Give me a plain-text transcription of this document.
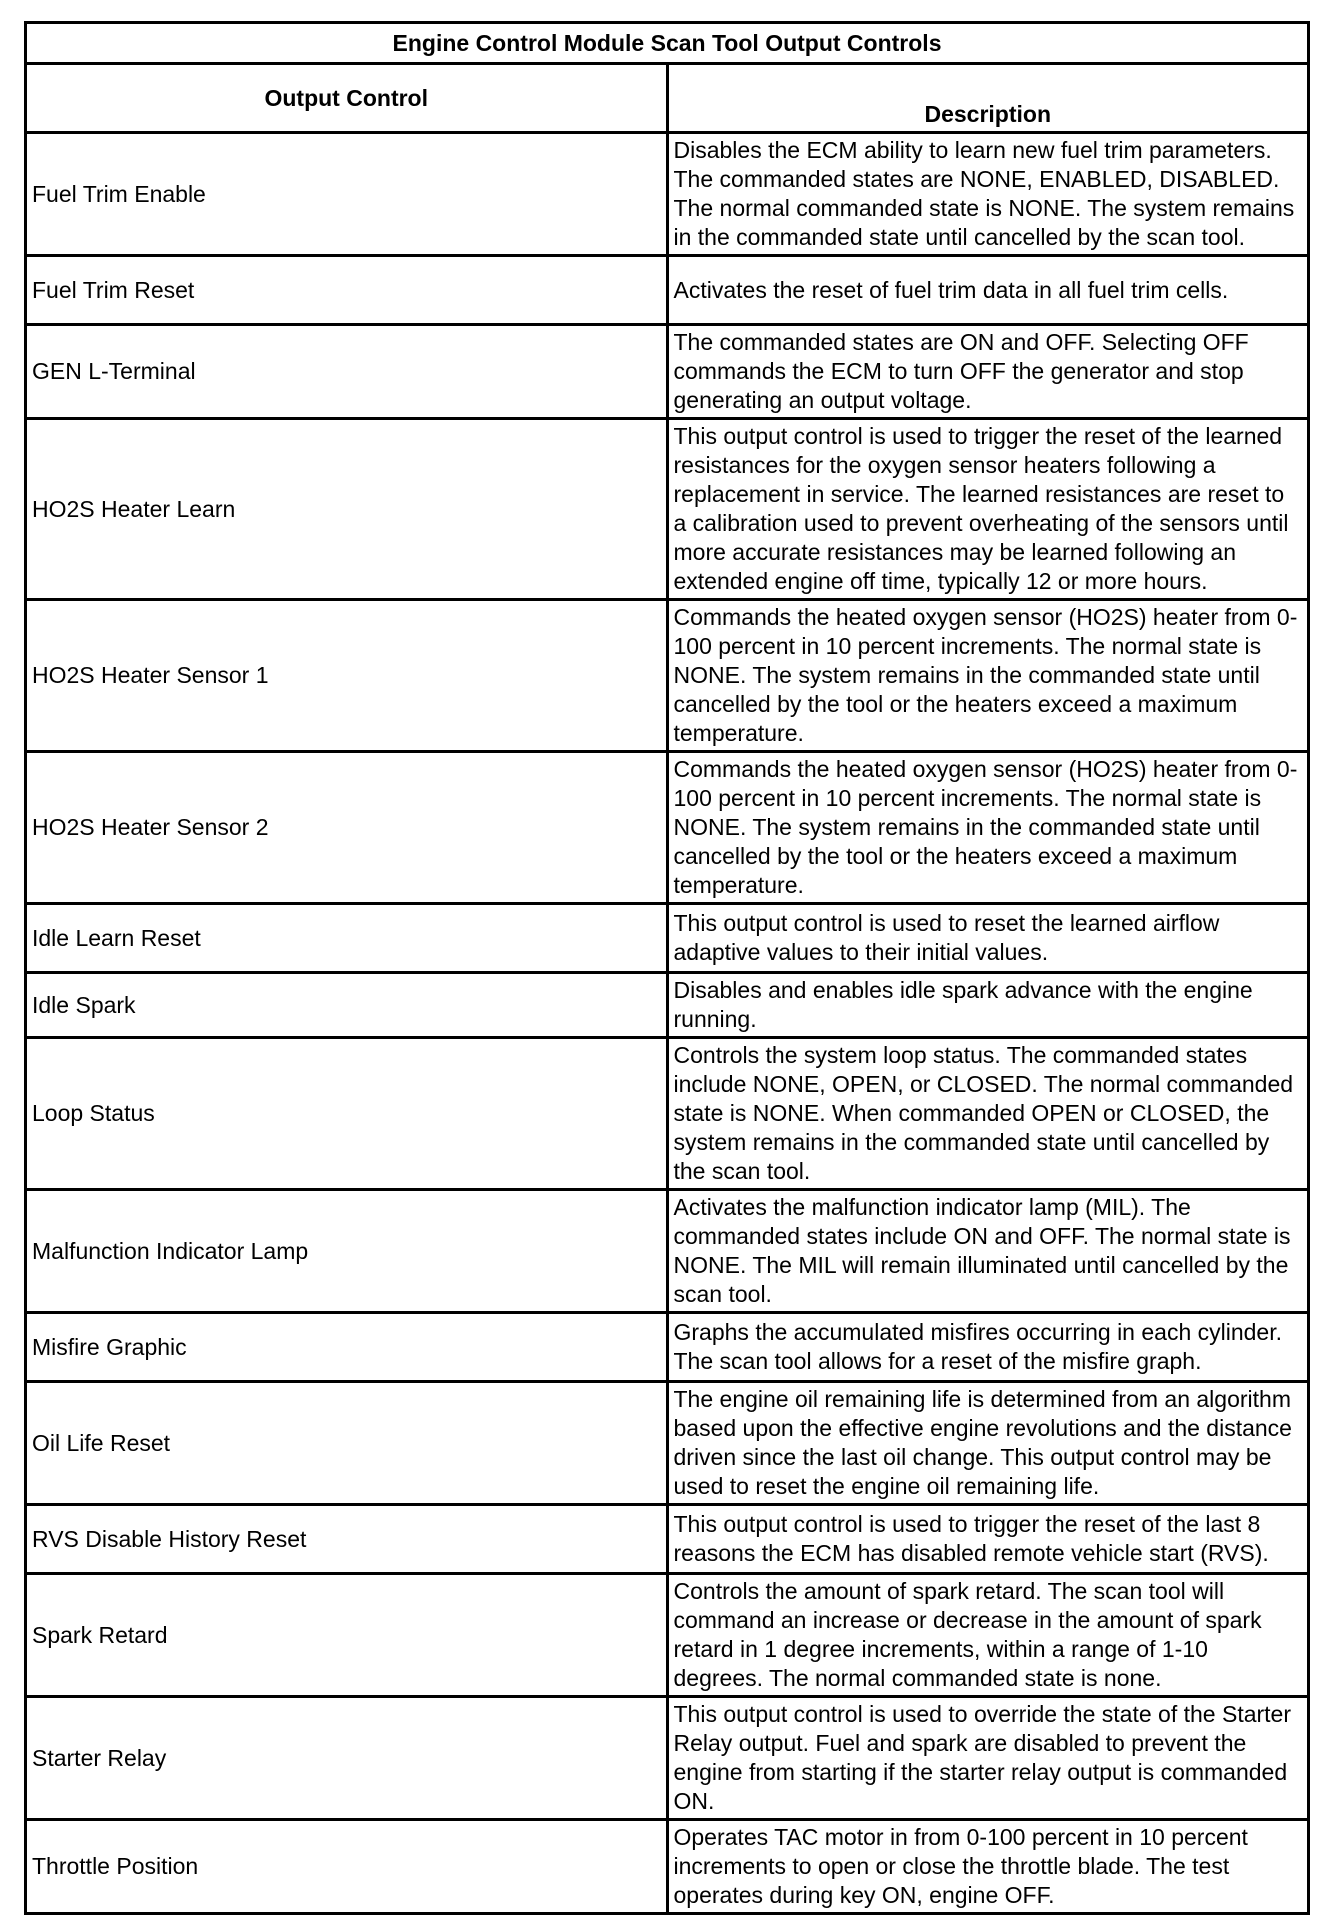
Engine Control Module Scan Tool Output Controls	
Output Control	Description
Fuel Trim Enable	Disables the ECM ability to learn new fuel trim parameters. The commanded states are NONE, ENABLED, DISABLED. The normal commanded state is NONE. The system remains in the commanded state until cancelled by the scan tool.
Fuel Trim Reset	Activates the reset of fuel trim data in all fuel trim cells.
GEN L-Terminal	The commanded states are ON and OFF. Selecting OFF commands the ECM to turn OFF the generator and stop generating an output voltage.
HO2S Heater Learn	This output control is used to trigger the reset of the learned resistances for the oxygen sensor heaters following a replacement in service. The learned resistances are reset to a calibration used to prevent overheating of the sensors until more accurate resistances may be learned following an extended engine off time, typically 12 or more hours.
HO2S Heater Sensor 1	Commands the heated oxygen sensor (HO2S) heater from 0-100 percent in 10 percent increments. The normal state is NONE. The system remains in the commanded state until cancelled by the tool or the heaters exceed a maximum temperature.
HO2S Heater Sensor 2	Commands the heated oxygen sensor (HO2S) heater from 0-100 percent in 10 percent increments. The normal state is NONE. The system remains in the commanded state until cancelled by the tool or the heaters exceed a maximum temperature.
Idle Learn Reset	This output control is used to reset the learned airflow adaptive values to their initial values.
Idle Spark	Disables and enables idle spark advance with the engine running.
Loop Status	Controls the system loop status. The commanded states include NONE, OPEN, or CLOSED. The normal commanded state is NONE. When commanded OPEN or CLOSED, the system remains in the commanded state until cancelled by the scan tool.
Malfunction Indicator Lamp	Activates the malfunction indicator lamp (MIL). The commanded states include ON and OFF. The normal state is NONE. The MIL will remain illuminated until cancelled by the scan tool.
Misfire Graphic	Graphs the accumulated misfires occurring in each cylinder. The scan tool allows for a reset of the misfire graph.
Oil Life Reset	The engine oil remaining life is determined from an algorithm based upon the effective engine revolutions and the distance driven since the last oil change. This output control may be used to reset the engine oil remaining life.
RVS Disable History Reset	This output control is used to trigger the reset of the last 8 reasons the ECM has disabled remote vehicle start (RVS).
Spark Retard	Controls the amount of spark retard. The scan tool will command an increase or decrease in the amount of spark retard in 1 degree increments, within a range of 1-10 degrees. The normal commanded state is none.
Starter Relay	This output control is used to override the state of the Starter Relay output. Fuel and spark are disabled to prevent the engine from starting if the starter relay output is commanded ON.
Throttle Position	Operates TAC motor in from 0-100 percent in 10 percent increments to open or close the throttle blade. The test operates during key ON, engine OFF.
